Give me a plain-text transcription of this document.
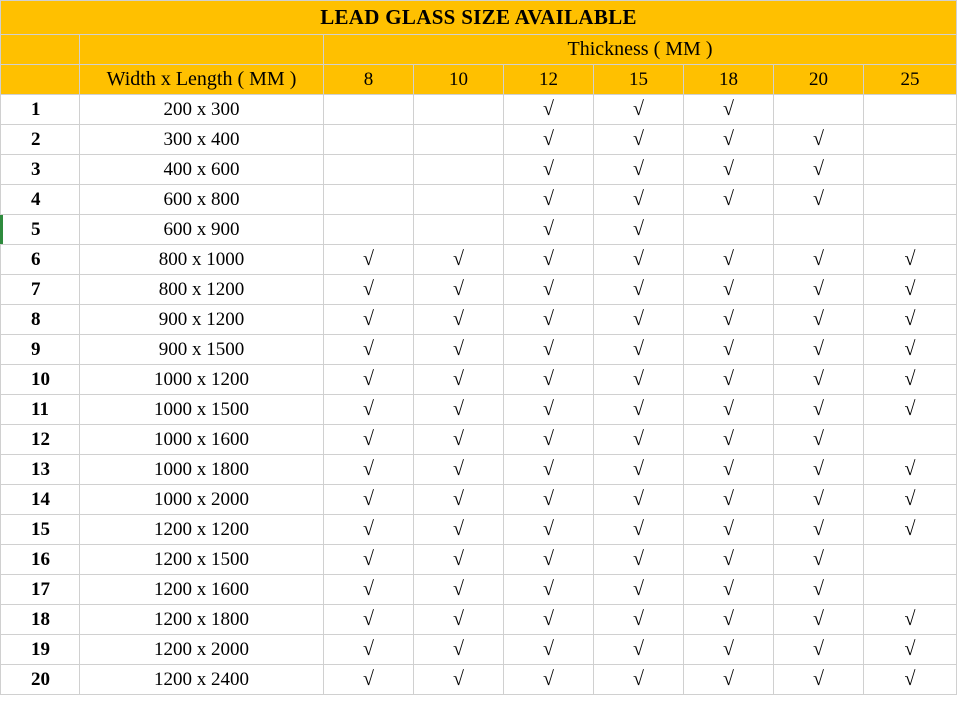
LEAD GLASS SIZE AVAILABLE								
		Thickness ( MM )						
	Width x Length ( MM )	8	10	12	15	18	20	25
1	200 x 300			√	√	√		
2	300 x 400			√	√	√	√	
3	400 x 600			√	√	√	√	
4	600 x 800			√	√	√	√	
5	600 x 900			√	√			
6	800 x 1000	√	√	√	√	√	√	√
7	800 x 1200	√	√	√	√	√	√	√
8	900 x 1200	√	√	√	√	√	√	√
9	900 x 1500	√	√	√	√	√	√	√
10	1000 x 1200	√	√	√	√	√	√	√
11	1000 x 1500	√	√	√	√	√	√	√
12	1000 x 1600	√	√	√	√	√	√	
13	1000 x 1800	√	√	√	√	√	√	√
14	1000 x 2000	√	√	√	√	√	√	√
15	1200 x 1200	√	√	√	√	√	√	√
16	1200 x 1500	√	√	√	√	√	√	
17	1200 x 1600	√	√	√	√	√	√	
18	1200 x 1800	√	√	√	√	√	√	√
19	1200 x 2000	√	√	√	√	√	√	√
20	1200 x 2400	√	√	√	√	√	√	√
